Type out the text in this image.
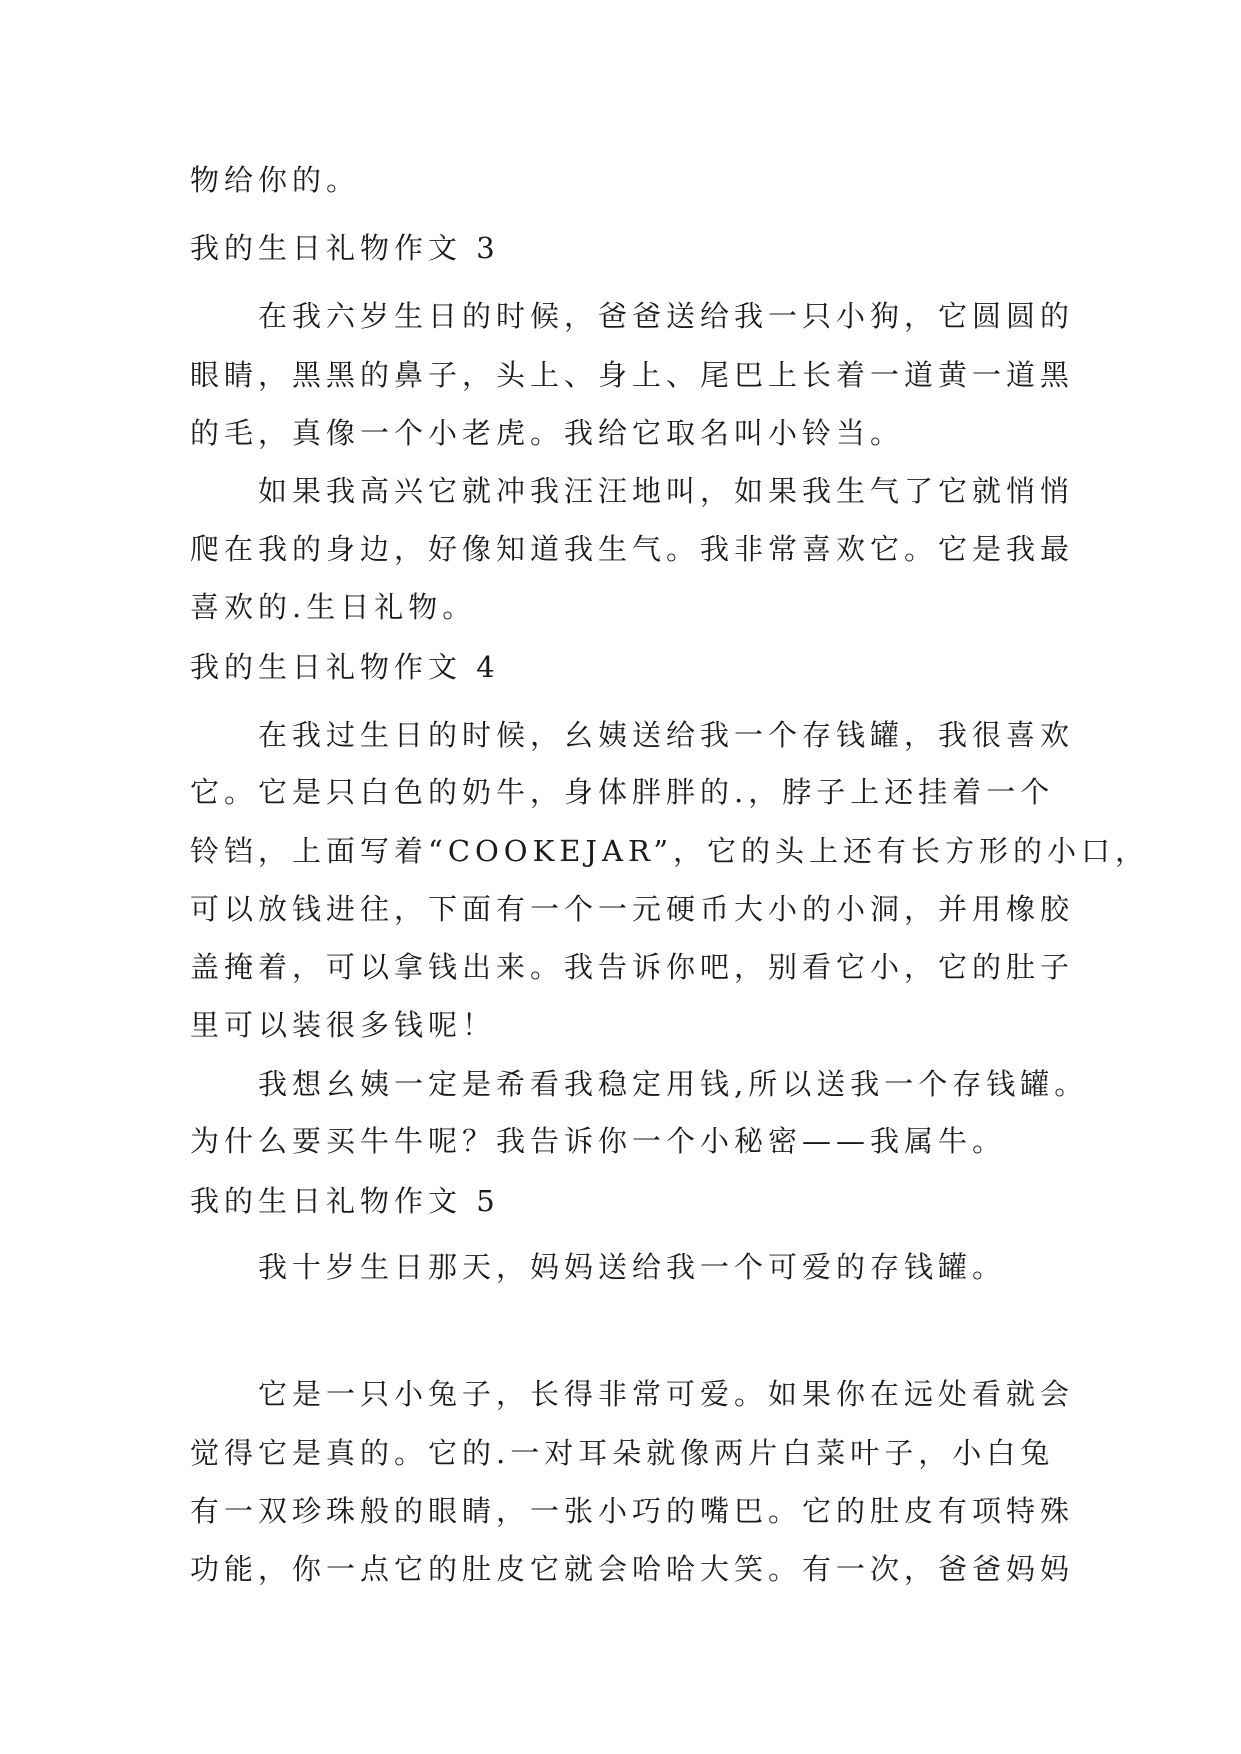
物给你的。
我的生日礼物作文 3
在我六岁生日的时候，爸爸送给我一只小狗，它圆圆的
眼睛，黑黑的鼻子，头上、身上、尾巴上长着一道黄一道黑
的毛，真像一个小老虎。我给它取名叫小铃当。
如果我高兴它就冲我汪汪地叫，如果我生气了它就悄悄
爬在我的身边，好像知道我生气。我非常喜欢它。它是我最
喜欢的.生日礼物。
我的生日礼物作文 4
在我过生日的时候，幺姨送给我一个存钱罐，我很喜欢
它。它是只白色的奶牛，身体胖胖的.，脖子上还挂着一个
铃铛，上面写着“COOKEJAR”，它的头上还有长方形的小口，
可以放钱进往，下面有一个一元硬币大小的小洞，并用橡胶
盖掩着，可以拿钱出来。我告诉你吧，别看它小，它的肚子
里可以装很多钱呢！
我想幺姨一定是希看我稳定用钱,所以送我一个存钱罐。
为什么要买牛牛呢？我告诉你一个小秘密——我属牛。
我的生日礼物作文 5
我十岁生日那天，妈妈送给我一个可爱的存钱罐。
它是一只小兔子，长得非常可爱。如果你在远处看就会
觉得它是真的。它的.一对耳朵就像两片白菜叶子，小白兔
有一双珍珠般的眼睛，一张小巧的嘴巴。它的肚皮有项特殊
功能，你一点它的肚皮它就会哈哈大笑。有一次，爸爸妈妈
